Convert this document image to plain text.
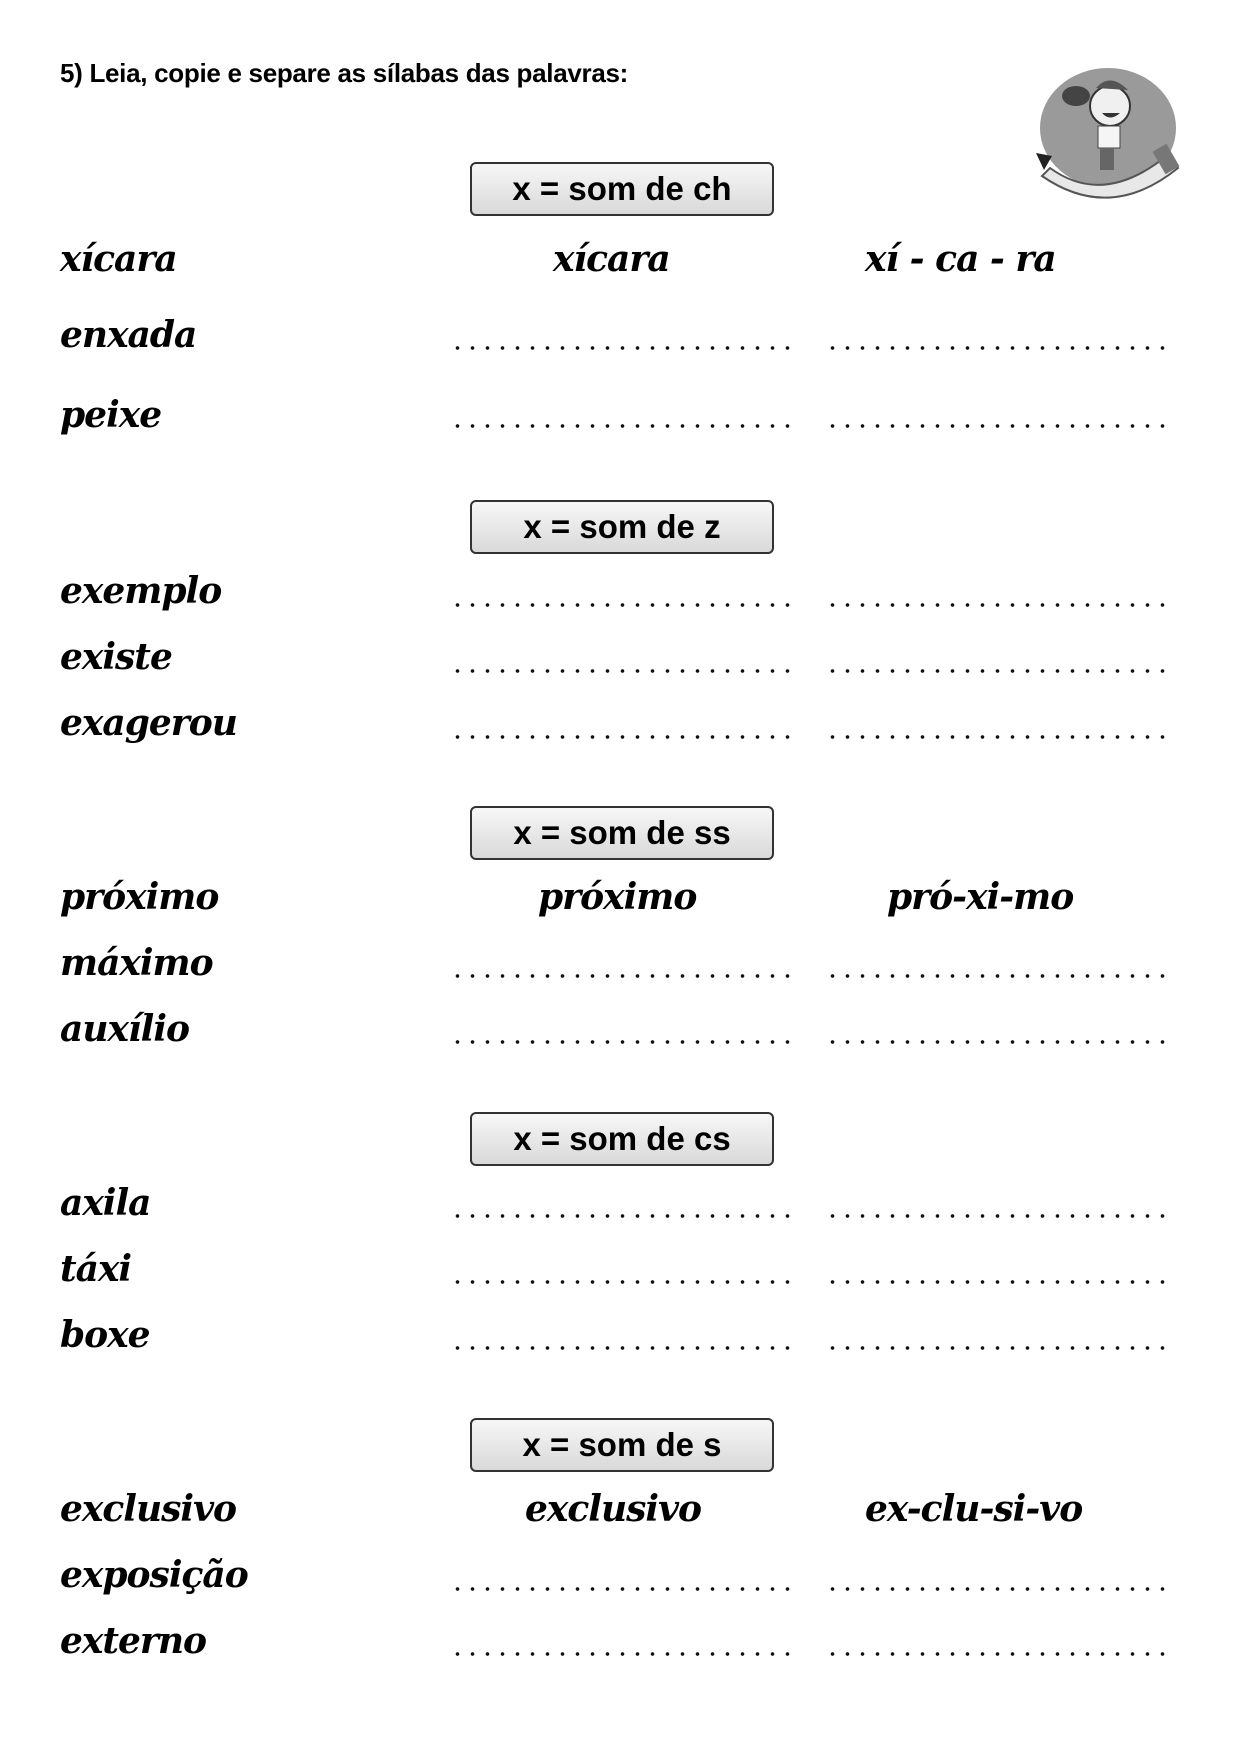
5) Leia, copie e separe as sílabas das palavras:
x = som de ch
xícara	xícara	xí - ca - ra
enxada
peixe
x = som de z
exemplo
existe
exagerou
x = som de ss
próximo	próximo	pró-xi-mo
máximo
auxílio
x = som de cs
axila
táxi
boxe
x = som de s
exclusivo	exclusivo	ex-clu-si-vo
exposição
externo
